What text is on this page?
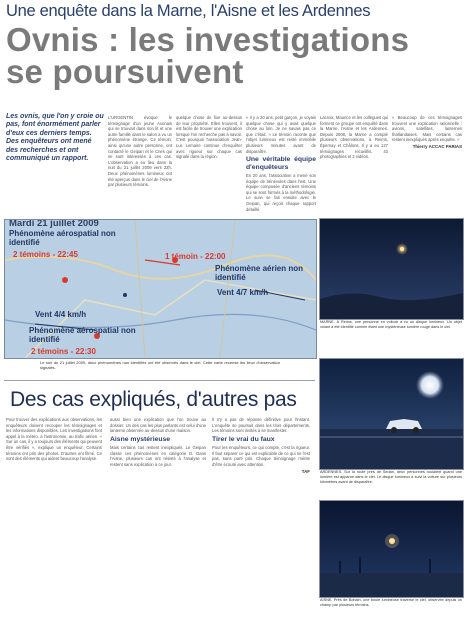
Une enquête dans la Marne, l'Aisne et les Ardennes
Ovnis : les investigations
se poursuivent
Les ovnis, que l'on y croie ou pas, font énormément parler d'eux ces derniers temps. Des enquêteurs ont mené des recherches et ont communiqué un rapport.

L'URGENTIN évoque le témoignage d'un jeune Axonais qui se trouvait dans son lit et une autre famille dans le salon a vu un phénomène étrange. Ce témoin, ainsi qu'une autre personne, ont contacté le Geipan et le Cnes qui se sont intéressés à ces cas. L'observation a eu lieu dans la nuit du 21 juillet 2009 vers 22h. Deux phénomènes lumineux ont été aperçus dans le ciel de l'Aisne par plusieurs témoins.

quelque chose de fixe au-dessus de leur propriété. Elles trouvent, il est facile de trouver une explication lorsque l'on recherche pas à savoir. C'est pourquoi l'association Jean-Luc Lemaire continue d'enquêter avec rigueur sur chaque cas signalé dans la région.

« Il y a 20 ans, petit garçon, je voyais quelque chose qui y avait quelque chose au loin. Je ne savais pas ce que c'était. » Le témoin raconte que l'objet lumineux est resté immobile plusieurs minutes avant de disparaître.

Une véritable équipe d'enquêteurs

En 20 ans, l'association a mené son équipe de bénévoles dans l'est. Une équipe composée d'anciens témoins qui se sont formés à la méthodologie. Le suivi se fait ensuite avec le Geipan, qui reçoit chaque rapport détaillé.

Lacroix, Maurice et les collègues qui forment ce groupe ont enquêté dans la Marne, l'Aisne et les Ardennes. Depuis 2008, la Marne a compté plusieurs observations, à Reims, Épernay et Châlons. Il y a eu 127 témoignages recueillis, 43 photographies et 2 vidéos.

« Beaucoup de ces témoignages trouvent une explication rationnelle : avions, satellites, lanternes thaïlandaises. Mais certains cas restent inexpliqués après enquête. »

Thierry ACCAC PARIAS
Mardi 21 juillet 2009
Phénomène aérospatial non identifié
2 témoins - 22:45	1 témoin - 22:00
Phénomène aérien non identifié
Vent 4/7 km/h
Vent 4/4 km/h
Phénomène aérospatial non identifié
2 témoins - 22:30
Le soir du 21 juillet 2009, deux phénomènes non identifiés ont été observés dans le ciel. Cette carte recense les lieux d'observation signalés.
MARNE. À Reims, une personne en voiture a vu un disque lumineux. Un objet volant a été identifié comme étant une mystérieuse lumière rouge dans le ciel.
ARDENNES. Sur la route près de Sedan, deux personnes roulaient quand une lumière est apparue dans le ciel. Le disque lumineux a suivi la voiture sur plusieurs kilomètres avant de disparaître.
AISNE. Près de Bohain, une boule lumineuse traverse le ciel, observée depuis un champ par plusieurs témoins.
Des cas expliqués, d'autres pas

Pour trouver des explications aux observations, les enquêteurs doivent recouper les témoignages et les informations disponibles. Les investigations font appel à la météo, à l'astronomie, au trafic aérien. « Sur un cas, il y a toujours des éléments qui peuvent être vérifiés », explique un enquêteur. Certains témoins ont pris des photos. D'autres ont filmé. Ce sont des éléments qui aident beaucoup l'analyse.

aussi bien une explication que l'on trouve au dossier. Un des cas les plus parlants est celui d'une lanterne observée au-dessus d'une maison.

Aisne mystérieuse

Mais certains cas restent inexpliqués. Le Geipan classe ces phénomènes en catégorie D. Dans l'Aisne, plusieurs cas ont résisté à l'analyse et restent sans explication à ce jour.

Il n'y a pas de réponse définitive pour l'instant. L'enquête se poursuit dans les trois départements. Les témoins sont invités à se manifester.

Tirer le vrai du faux

Pour les enquêteurs, ce qui compte, c'est la rigueur. Il faut séparer ce qui est explicable de ce qui ne l'est pas, sans parti pris. Chaque témoignage mérite d'être écouté avec attention.

TAF
